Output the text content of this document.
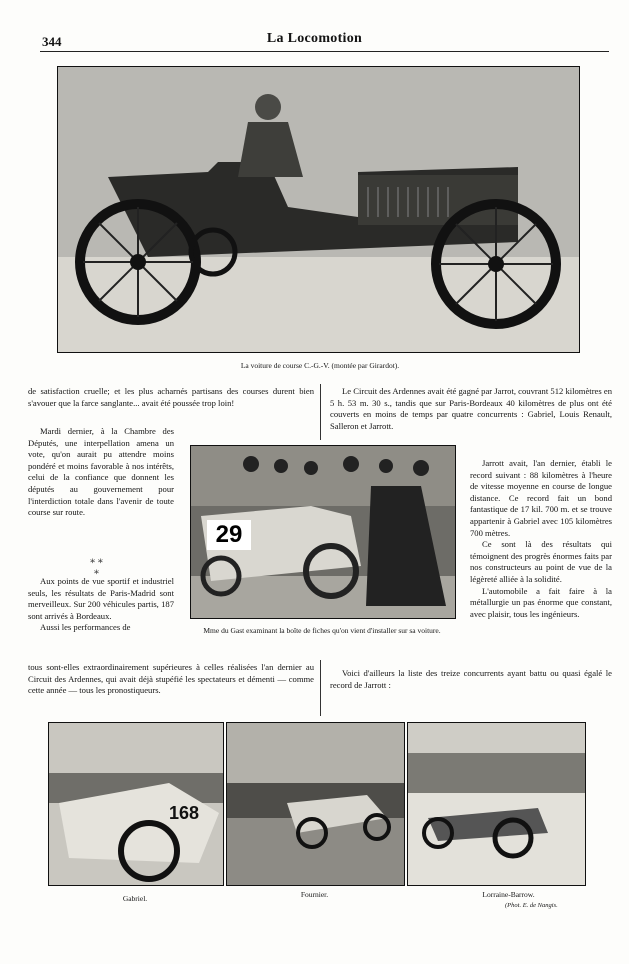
344	La Locomotion
La voiture de course C.-G.-V. (montée par Girardot).

de satisfaction cruelle; et les plus acharnés partisans des courses durent bien s'avouer que la farce sanglante... avait été poussée trop loin!

Mardi dernier, à la Chambre des Députés, une interpellation amena un vote, qu'on aurait pu attendre moins pondéré et moins favorable à nos intérêts, celui de la confiance que donnent les députés au gouvernement pour l'interdiction totale dans l'avenir de toute course sur route.

∗∗
∗

Aux points de vue sportif et industriel seuls, les résultats de Paris-Madrid sont merveilleux. Sur 200 véhicules partis, 187 sont arrivés à Bordeaux.

Aussi les performances de

tous sont-elles extraordinairement supérieures à celles réalisées l'an dernier au Circuit des Ardennes, qui avait déjà stupéfié les spectateurs et démenti — comme cette année — tous les pronostiqueurs.

29
Mme du Gast examinant la boîte de fiches qu'on vient d'installer sur sa voiture.

Le Circuit des Ardennes avait été gagné par Jarrot, couvrant 512 kilomètres en 5 h. 53 m. 30 s., tandis que sur Paris-Bordeaux 40 kilomètres de plus ont été couverts en moins de temps par quatre concurrents : Gabriel, Louis Renault, Salleron et Jarrott.

Jarrott avait, l'an dernier, établi le record suivant : 88 kilomètres à l'heure de vitesse moyenne en course de longue distance. Ce record fait un bond fantastique de 17 kil. 700 m. et se trouve appartenir à Gabriel avec 105 kilomètres 700 mètres.

Ce sont là des résultats qui témoignent des progrès énormes faits par nos constructeurs au point de vue de la légèreté alliée à la solidité.

L'automobile a fait faire à la métallurgie un pas énorme que constant, avec plaisir, tous les ingénieurs.

Voici d'ailleurs la liste des treize concurrents ayant battu ou quasi égalé le record de Jarrott :

168
Gabriel.	Fournier.	Lorraine-Barrow.
(Phot. E. de Nangis.
